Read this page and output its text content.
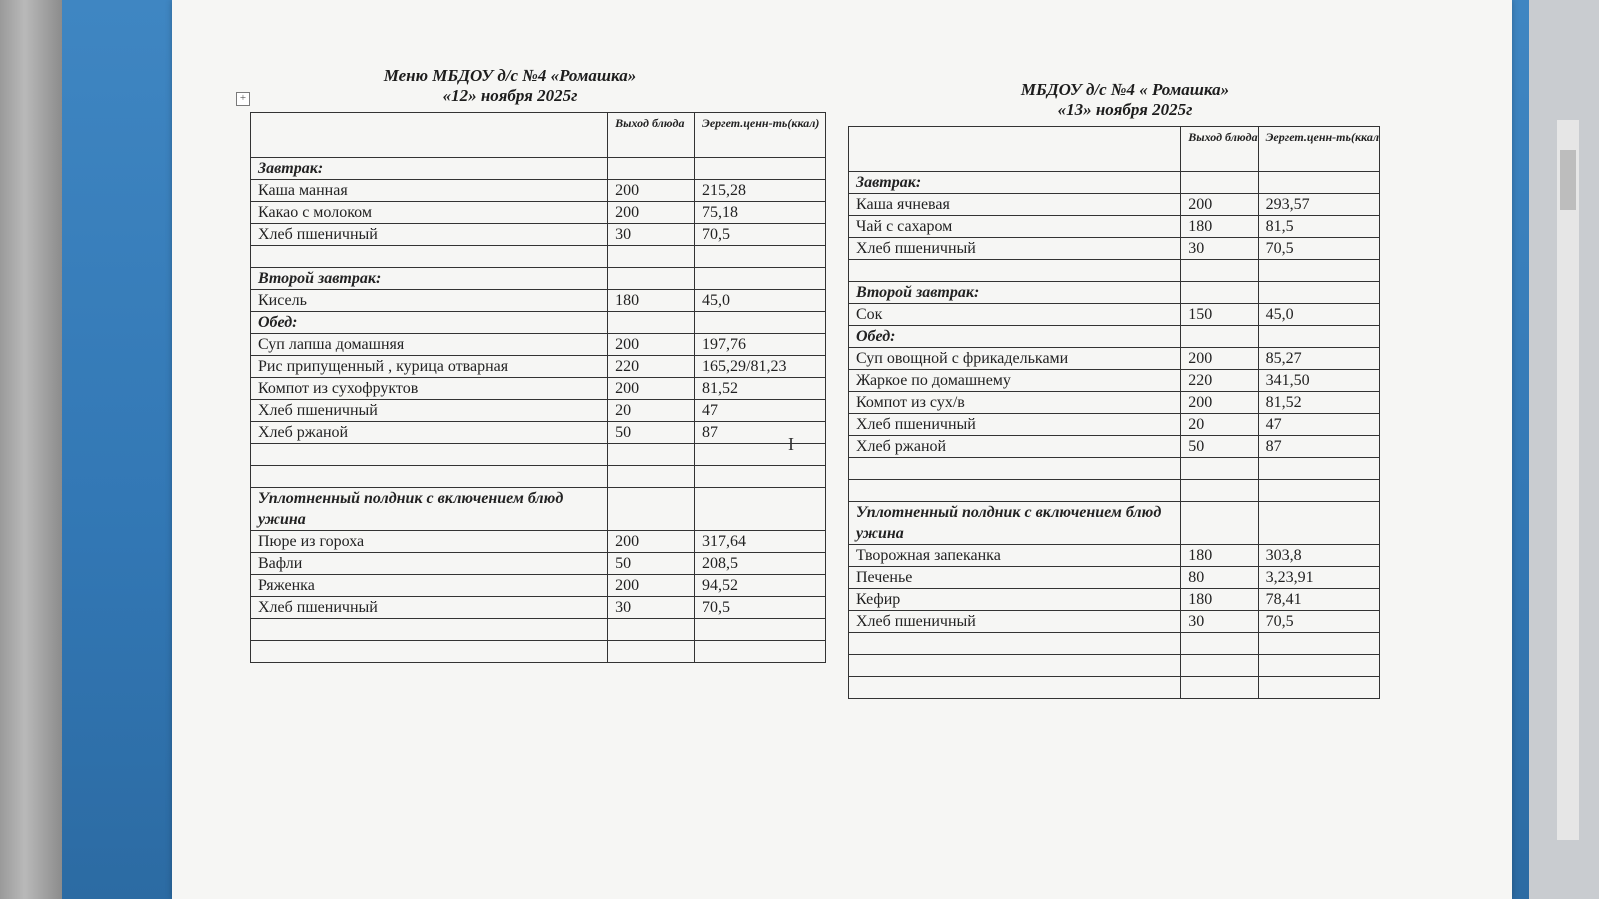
Меню МБДОУ д/с №4 «Ромашка»
«12» ноября 2025г
+
	Выход блюда	Эергет.ценн-ть(ккал)
Завтрак:		
Каша манная	200	215,28
Какао с молоком	200	75,18
Хлеб пшеничный	30	70,5

Второй завтрак:		
Кисель	180	45,0
Обед:		
Суп лапша домашняя	200	197,76
Рис припущенный , курица отварная	220	165,29/81,23
Компот из сухофруктов	200	81,52
Хлеб пшеничный	20	47
Хлеб ржаной	50	87

Уплотненный полдник с включением блюд ужина		
Пюре из гороха	200	317,64
Вафли	50	208,5
Ряженка	200	94,52
Хлеб пшеничный	30	70,5

МБДОУ д/с №4 « Ромашка»
«13» ноября 2025г
	Выход блюда	Эергет.ценн-ть(ккал
Завтрак:		
Каша ячневая	200	293,57
Чай с сахаром	180	81,5
Хлеб пшеничный	30	70,5

Второй завтрак:		
Сок	150	45,0
Обед:		
Суп овощной с фрикадельками	200	85,27
Жаркое по домашнему	220	341,50
Компот из сух/в	200	81,52
Хлеб пшеничный	20	47
Хлеб ржаной	50	87

Уплотненный полдник с включением блюд ужина		
Творожная запеканка	180	303,8
Печенье	80	3,23,91
Кефир	180	78,41
Хлеб пшеничный	30	70,5

I
